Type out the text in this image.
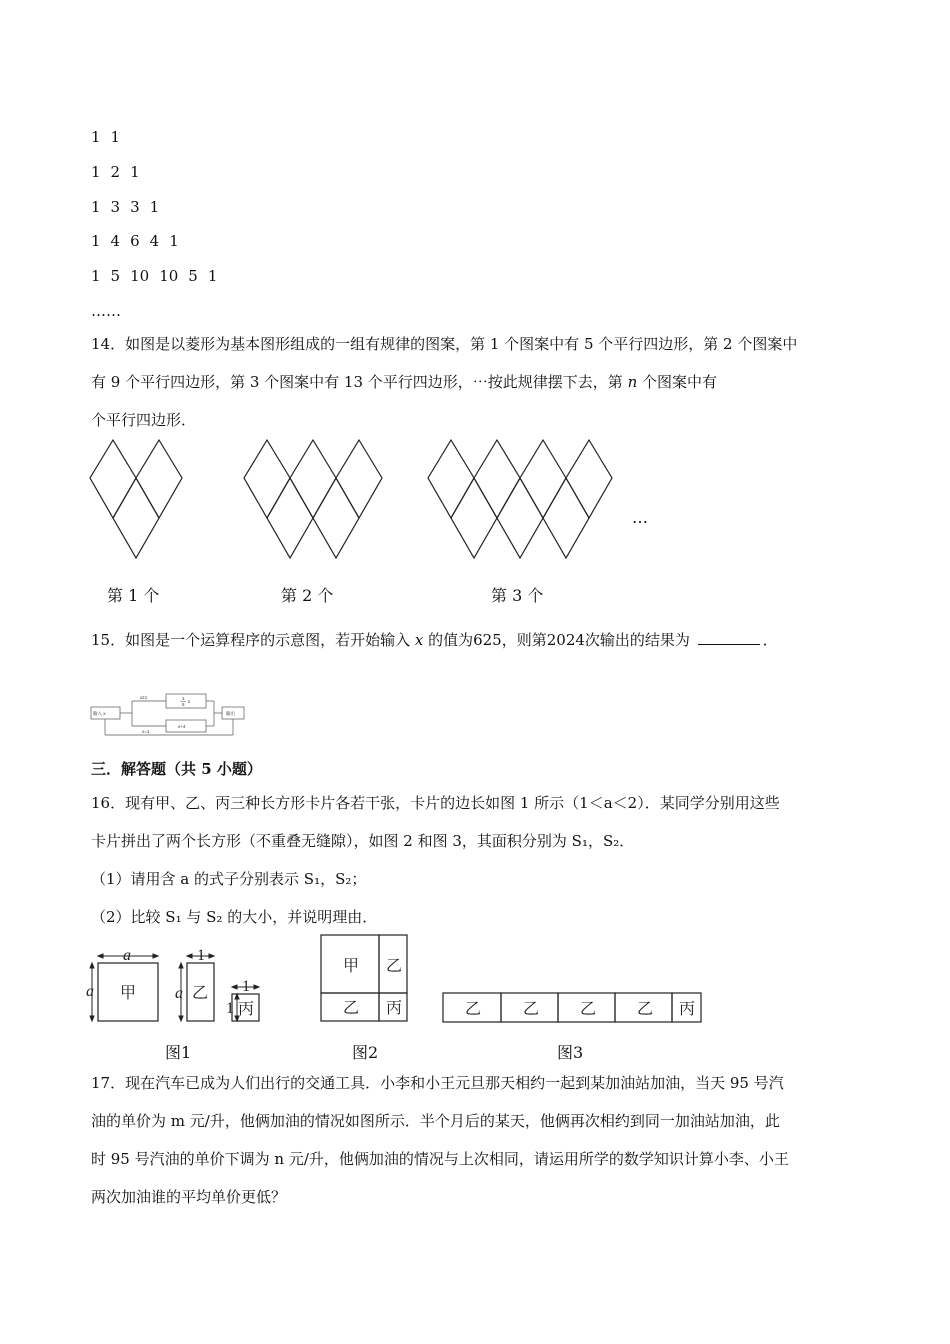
1 1
1 2 1
1 3 3 1
1 4 6 4 1
1 5 10 10 5 1
……
14．如图是以菱形为基本图形组成的一组有规律的图案，第 1 个图案中有 5 个平行四边形，第 2 个图案中
有 9 个平行四边形，第 3 个图案中有 13 个平行四边形，⋯按此规律摆下去，第 n 个图案中有
个平行四边形．
…
第 1 个	第 2 个	第 3 个
15．如图是一个运算程序的示意图，若开始输入 x 的值为625，则第2024次输出的结果为	．
输入 x
x≠1	1
5
x
x+4
输出
x=1
三．解答题（共 5 小题）
16．现有甲、乙、丙三种长方形卡片各若干张，卡片的边长如图 1 所示（1＜a＜2）．某同学分别用这些
卡片拼出了两个长方形（不重叠无缝隙），如图 2 和图 3，其面积分别为 S₁，S₂．
（1）请用含 a 的式子分别表示 S₁，S₂；
（2）比较 S₁ 与 S₂ 的大小，并说明理由．
a
a 甲
1
a 乙 1
1 丙
甲 乙
乙 丙	乙	乙	乙	乙 丙
图1	图2	图3
17．现在汽车已成为人们出行的交通工具．小李和小王元旦那天相约一起到某加油站加油，当天 95 号汽
油的单价为 m 元/升，他俩加油的情况如图所示．半个月后的某天，他俩再次相约到同一加油站加油，此
时 95 号汽油的单价下调为 n 元/升，他俩加油的情况与上次相同，请运用所学的数学知识计算小李、小王
两次加油谁的平均单价更低？
